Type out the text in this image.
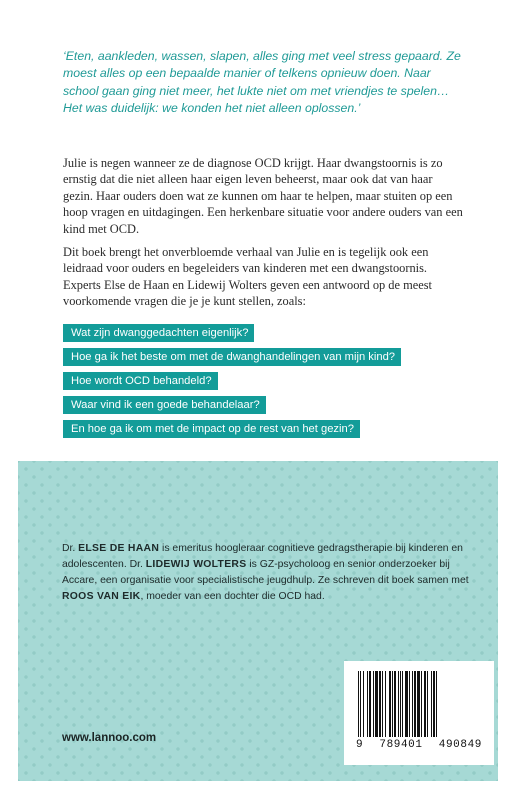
‘Eten, aankleden, wassen, slapen, alles ging met veel stress gepaard. Ze moest alles op een bepaalde manier of telkens opnieuw doen. Naar school gaan ging niet meer, het lukte niet om met vriendjes te spelen… Het was duidelijk: we konden het niet alleen oplossen.’

Julie is negen wanneer ze de diagnose OCD krijgt. Haar dwangstoornis is zo ernstig dat die niet alleen haar eigen leven beheerst, maar ook dat van haar gezin. Haar ouders doen wat ze kunnen om haar te helpen, maar stuiten op een hoop vragen en uitdagingen. Een herkenbare situatie voor andere ouders van een kind met OCD.

Dit boek brengt het onverbloemde verhaal van Julie en is tegelijk ook een leidraad voor ouders en begeleiders van kinderen met een dwangstoornis. Experts Else de Haan en Lidewij Wolters geven een antwoord op de meest voorkomende vragen die je je kunt stellen, zoals:

Wat zijn dwanggedachten eigenlijk?
Hoe ga ik het beste om met de dwanghandelingen van mijn kind?
Hoe wordt OCD behandeld?
Waar vind ik een goede behandelaar?
En hoe ga ik om met de impact op de rest van het gezin?

Dr. ELSE DE HAAN is emeritus hoogleraar cognitieve gedragstherapie bij kinderen en adolescenten. Dr. LIDEWIJ WOLTERS is GZ-psycholoog en senior onderzoeker bij Accare, een organisatie voor specialistische jeugdhulp. Ze schreven dit boek samen met ROOS VAN EIK, moeder van een dochter die OCD had.

www.lannoo.com

9 789401 490849
